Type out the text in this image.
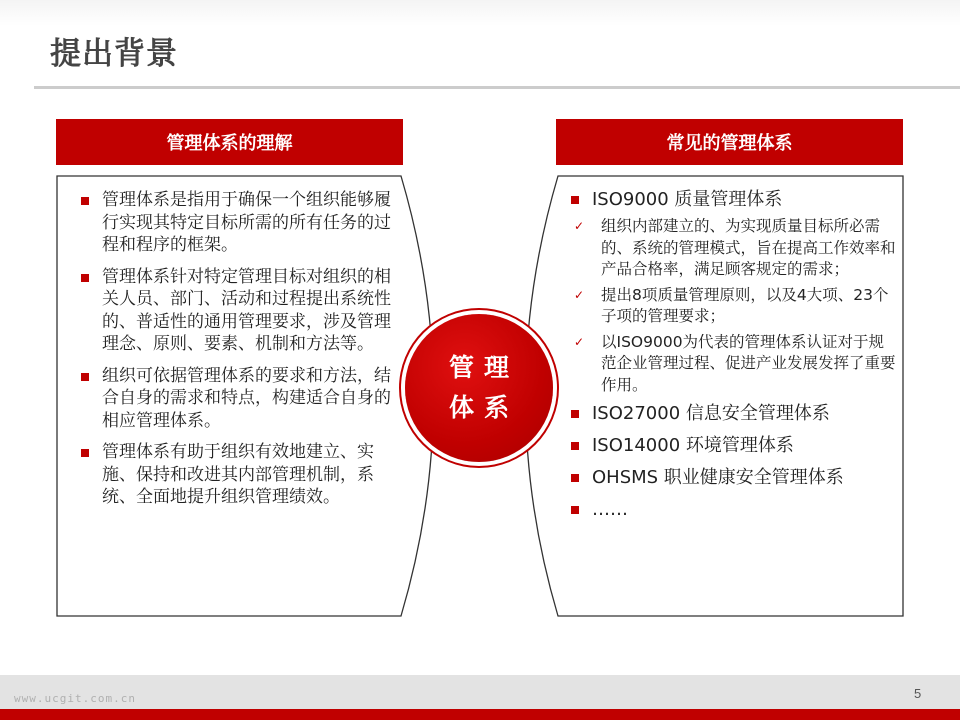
提出背景
管理体系的理解	常见的管理体系
管理体系是指用于确保一个组织能够履行实现其特定目标所需的所有任务的过程和程序的框架。
管理体系针对特定管理目标对组织的相关人员、部门、活动和过程提出系统性的、普适性的通用管理要求，涉及管理理念、原则、要素、机制和方法等。
组织可依据管理体系的要求和方法，结合自身的需求和特点，构建适合自身的相应管理体系。
管理体系有助于组织有效地建立、实施、保持和改进其内部管理机制，系统、全面地提升组织管理绩效。
管理
体系
ISO9000 质量管理体系
✓ 组织内部建立的、为实现质量目标所必需的、系统的管理模式，旨在提高工作效率和产品合格率，满足顾客规定的需求；
✓ 提出8项质量管理原则，以及4大项、23个子项的管理要求；
✓ 以ISO9000为代表的管理体系认证对于规范企业管理过程、促进产业发展发挥了重要作用。
ISO27000 信息安全管理体系
ISO14000 环境管理体系
OHSMS 职业健康安全管理体系
……
www.ucgit.com.cn	5
